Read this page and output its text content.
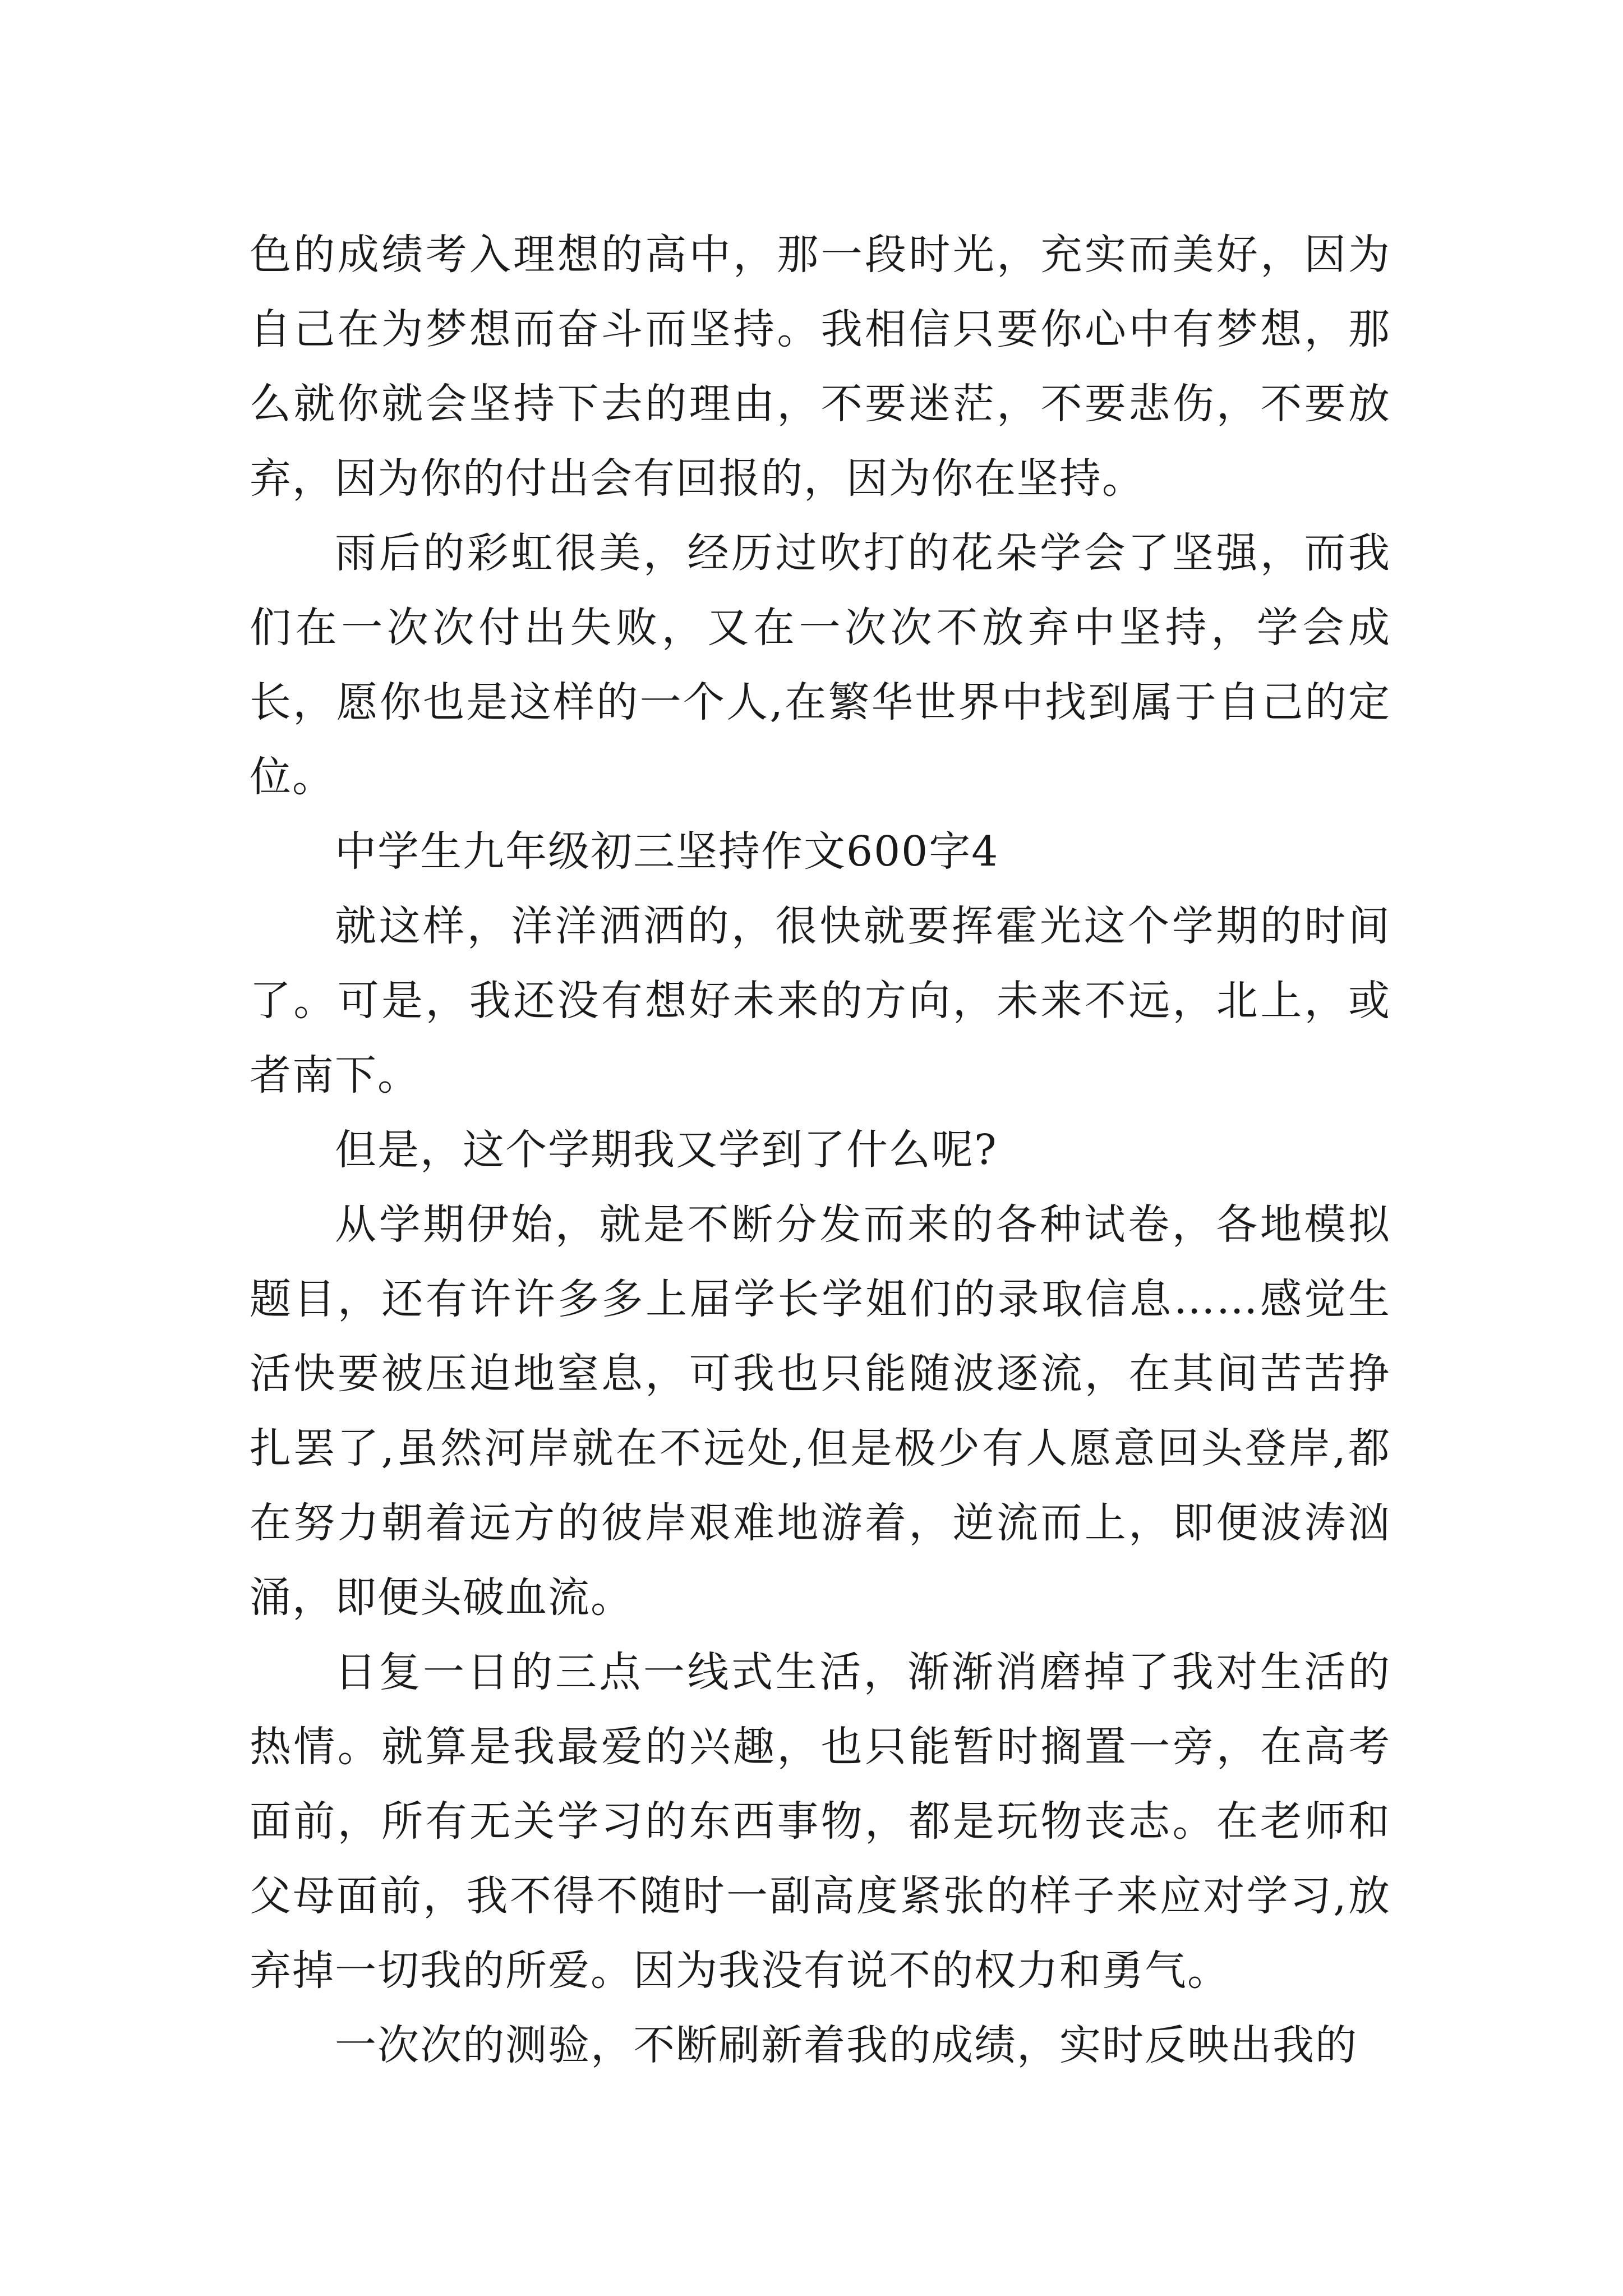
色的成绩考入理想的高中，那一段时光，充实而美好，因为自己在为梦想而奋斗而坚持。我相信只要你心中有梦想，那么就你就会坚持下去的理由，不要迷茫，不要悲伤，不要放弃，因为你的付出会有回报的，因为你在坚持。

雨后的彩虹很美，经历过吹打的花朵学会了坚强，而我们在一次次付出失败，又在一次次不放弃中坚持，学会成长，愿你也是这样的一个人,在繁华世界中找到属于自己的定位。

中学生九年级初三坚持作文600字4

就这样，洋洋洒洒的，很快就要挥霍光这个学期的时间了。可是，我还没有想好未来的方向，未来不远，北上，或者南下。

但是，这个学期我又学到了什么呢?

从学期伊始，就是不断分发而来的各种试卷，各地模拟题目，还有许许多多上届学长学姐们的录取信息……感觉生活快要被压迫地窒息，可我也只能随波逐流，在其间苦苦挣扎罢了,虽然河岸就在不远处,但是极少有人愿意回头登岸,都在努力朝着远方的彼岸艰难地游着，逆流而上，即便波涛汹涌，即便头破血流。

日复一日的三点一线式生活，渐渐消磨掉了我对生活的热情。就算是我最爱的兴趣，也只能暂时搁置一旁，在高考面前，所有无关学习的东西事物，都是玩物丧志。在老师和父母面前，我不得不随时一副高度紧张的样子来应对学习,放弃掉一切我的所爱。因为我没有说不的权力和勇气。

一次次的测验，不断刷新着我的成绩，实时反映出我的
